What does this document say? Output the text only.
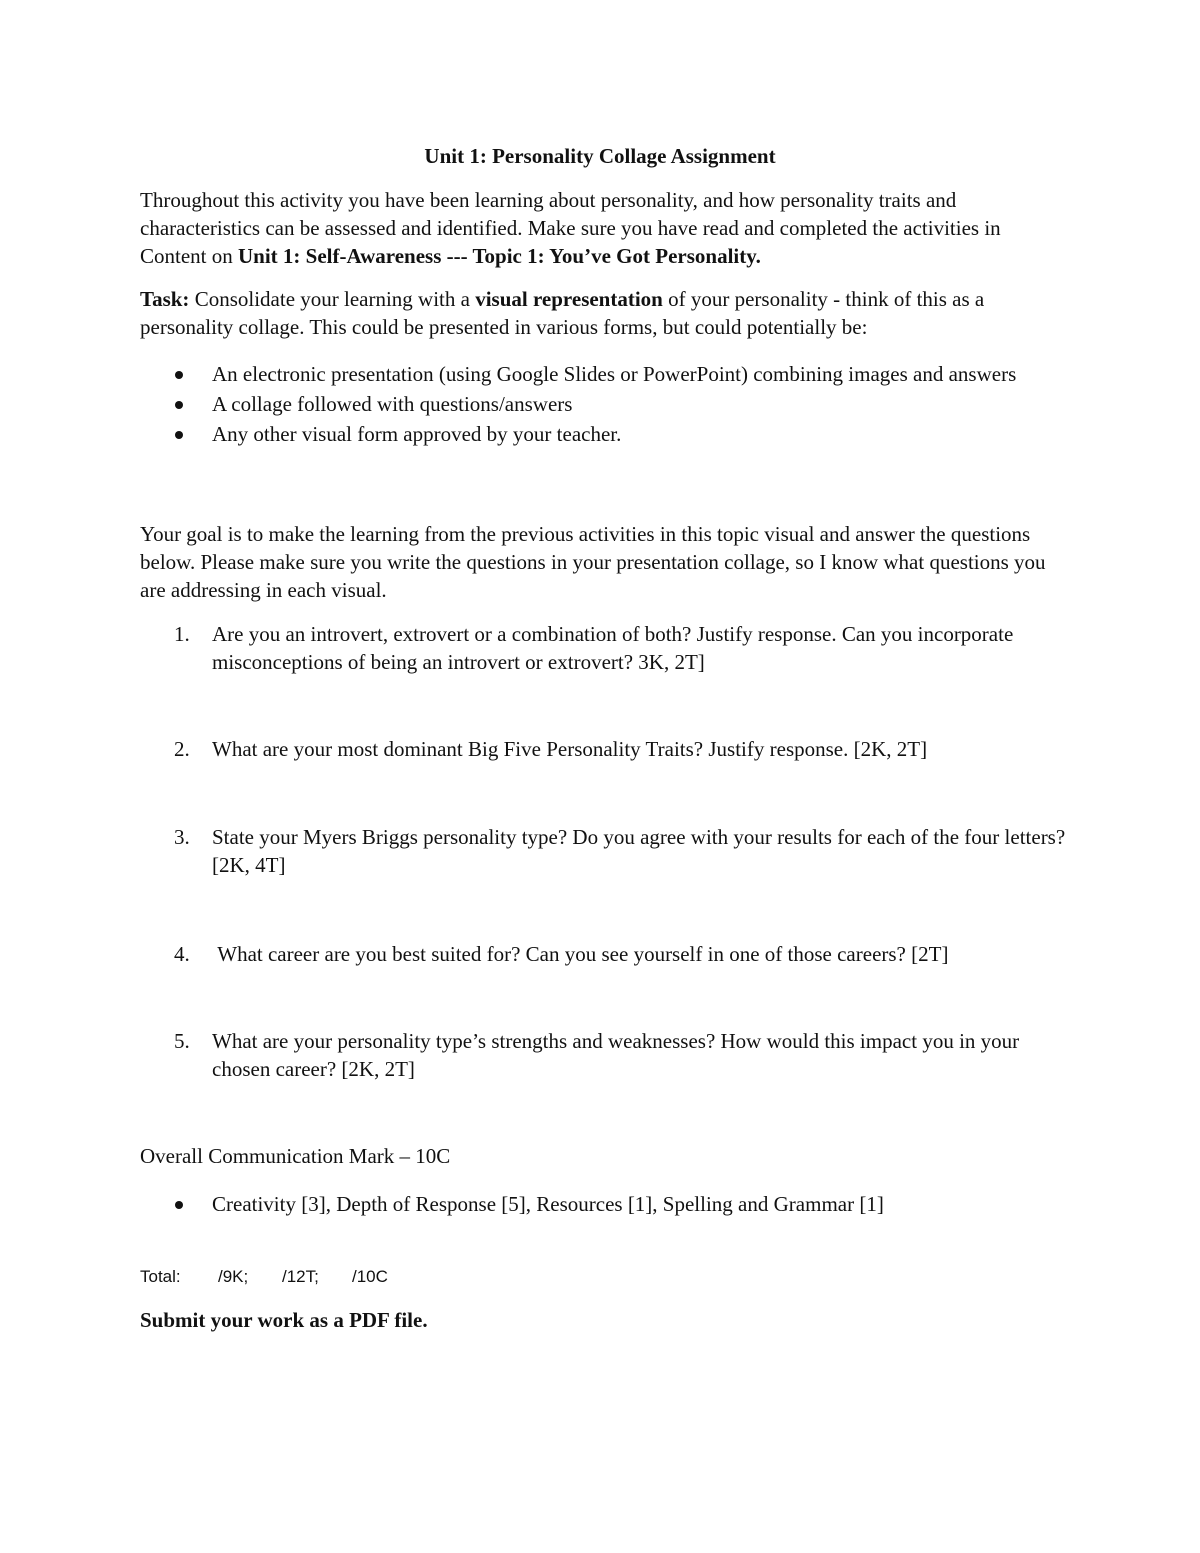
Unit 1: Personality Collage Assignment

Throughout this activity you have been learning about personality, and how personality traits and characteristics can be assessed and identified. Make sure you have read and completed the activities in Content on Unit 1: Self-Awareness --- Topic 1: You’ve Got Personality.

Task: Consolidate your learning with a visual representation of your personality - think of this as a personality collage. This could be presented in various forms, but could potentially be:

An electronic presentation (using Google Slides or PowerPoint) combining images and answers
A collage followed with questions/answers
Any other visual form approved by your teacher.

Your goal is to make the learning from the previous activities in this topic visual and answer the questions below. Please make sure you write the questions in your presentation collage, so I know what questions you are addressing in each visual.

1. Are you an introvert, extrovert or a combination of both? Justify response. Can you incorporate misconceptions of being an introvert or extrovert? 3K, 2T]
2. What are your most dominant Big Five Personality Traits? Justify response. [2K, 2T]
3. State your Myers Briggs personality type? Do you agree with your results for each of the four letters? [2K, 4T]
4. What career are you best suited for? Can you see yourself in one of those careers? [2T]
5. What are your personality type’s strengths and weaknesses? How would this impact you in your chosen career? [2K, 2T]

Overall Communication Mark – 10C

Creativity [3], Depth of Response [5], Resources [1], Spelling and Grammar [1]
Total: /9K; /12T; /10C

Submit your work as a PDF file.
